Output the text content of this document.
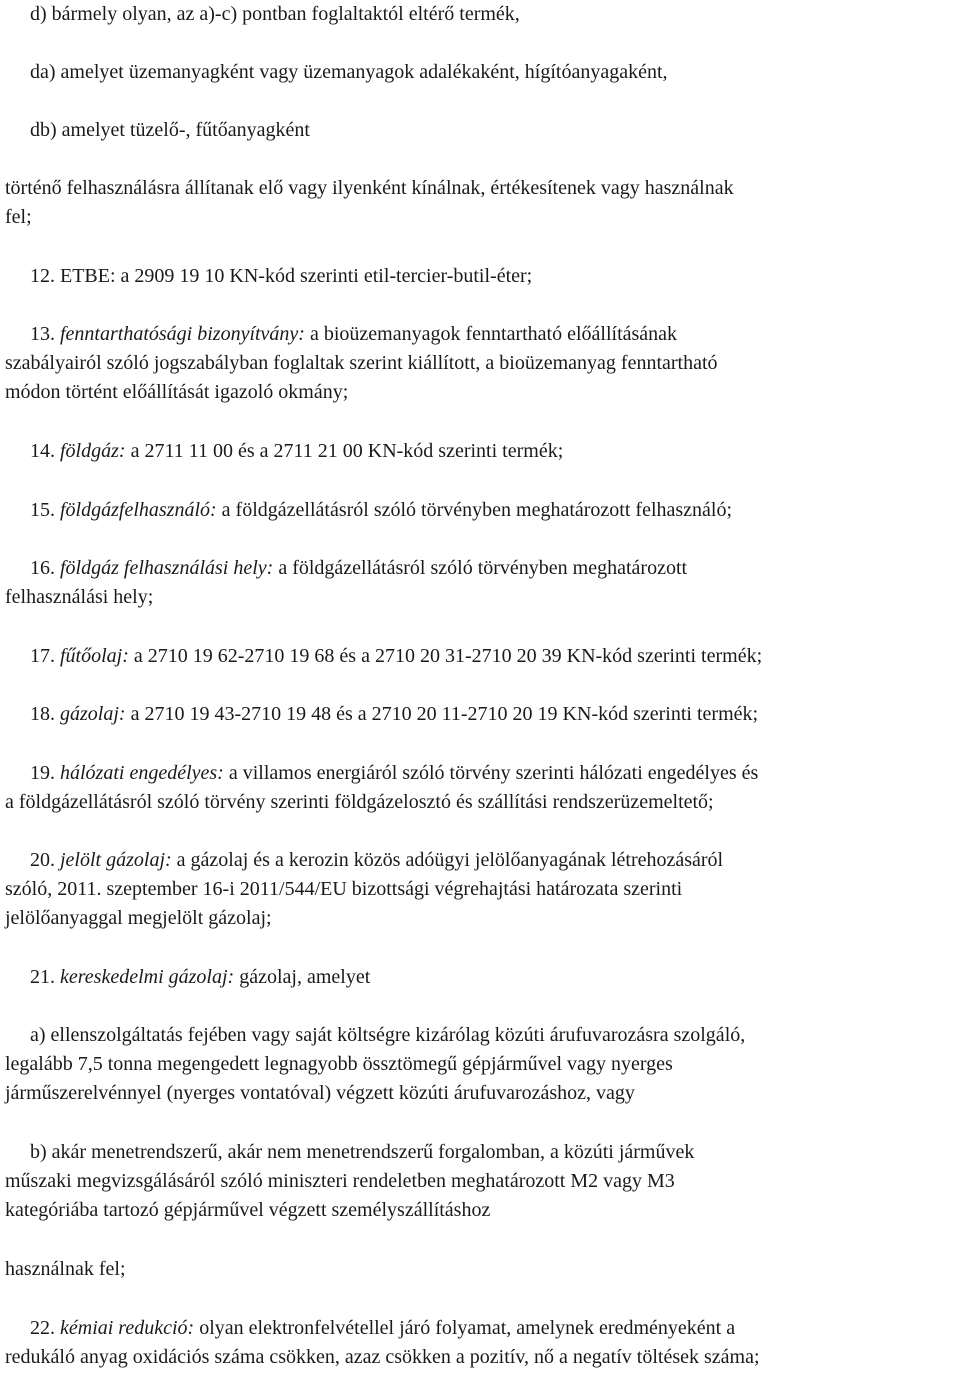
d) bármely olyan, az a)-c) pontban foglaltaktól eltérő termék,

da) amelyet üzemanyagként vagy üzemanyagok adalékaként, hígítóanyagaként,

db) amelyet tüzelő-, fűtőanyagként

történő felhasználásra állítanak elő vagy ilyenként kínálnak, értékesítenek vagy használnak

fel;

12. ETBE: a 2909 19 10 KN-kód szerinti etil-tercier-butil-éter;

13. fenntarthatósági bizonyítvány: a bioüzemanyagok fenntartható előállításának

szabályairól szóló jogszabályban foglaltak szerint kiállított, a bioüzemanyag fenntartható

módon történt előállítását igazoló okmány;

14. földgáz: a 2711 11 00 és a 2711 21 00 KN-kód szerinti termék;

15. földgázfelhasználó: a földgázellátásról szóló törvényben meghatározott felhasználó;

16. földgáz felhasználási hely: a földgázellátásról szóló törvényben meghatározott

felhasználási hely;

17. fűtőolaj: a 2710 19 62-2710 19 68 és a 2710 20 31-2710 20 39 KN-kód szerinti termék;

18. gázolaj: a 2710 19 43-2710 19 48 és a 2710 20 11-2710 20 19 KN-kód szerinti termék;

19. hálózati engedélyes: a villamos energiáról szóló törvény szerinti hálózati engedélyes és

a földgázellátásról szóló törvény szerinti földgázelosztó és szállítási rendszerüzemeltető;

20. jelölt gázolaj: a gázolaj és a kerozin közös adóügyi jelölőanyagának létrehozásáról

szóló, 2011. szeptember 16-i 2011/544/EU bizottsági végrehajtási határozata szerinti

jelölőanyaggal megjelölt gázolaj;

21. kereskedelmi gázolaj: gázolaj, amelyet

a) ellenszolgáltatás fejében vagy saját költségre kizárólag közúti árufuvarozásra szolgáló,

legalább 7,5 tonna megengedett legnagyobb össztömegű gépjárművel vagy nyerges

járműszerelvénnyel (nyerges vontatóval) végzett közúti árufuvarozáshoz, vagy

b) akár menetrendszerű, akár nem menetrendszerű forgalomban, a közúti járművek

műszaki megvizsgálásáról szóló miniszteri rendeletben meghatározott M2 vagy M3

kategóriába tartozó gépjárművel végzett személyszállításhoz

használnak fel;

22. kémiai redukció: olyan elektronfelvétellel járó folyamat, amelynek eredményeként a

redukáló anyag oxidációs száma csökken, azaz csökken a pozitív, nő a negatív töltések száma;
